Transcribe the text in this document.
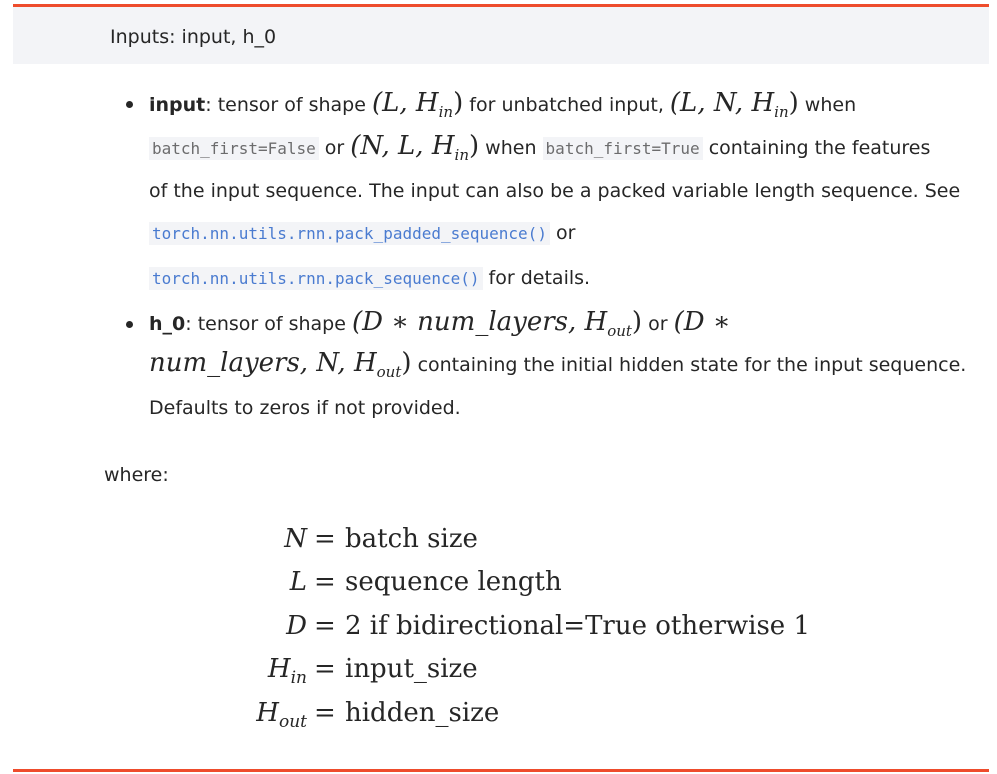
Inputs: input, h_0
input: tensor of shape (L, $H_{in}$) for unbatched input, (L, N, $H_{in}$) when
batch_first=False or (N, L, $H_{in}$) when batch_first=True containing the features
of the input sequence. The input can also be a packed variable length sequence. See
torch.nn.utils.rnn.pack_padded_sequence() or
torch.nn.utils.rnn.pack_sequence() for details.
h_0: tensor of shape (D ∗ num_layers, $H_{out}$) or (D ∗
num_layers, N, $H_{out}$) containing the initial hidden state for the input sequence.
Defaults to zeros if not provided.
where:
N = batch size
L = sequence length
D = 2 if bidirectional=True otherwise 1
$H_{in}$ = input_size
$H_{out}$ = hidden_size
